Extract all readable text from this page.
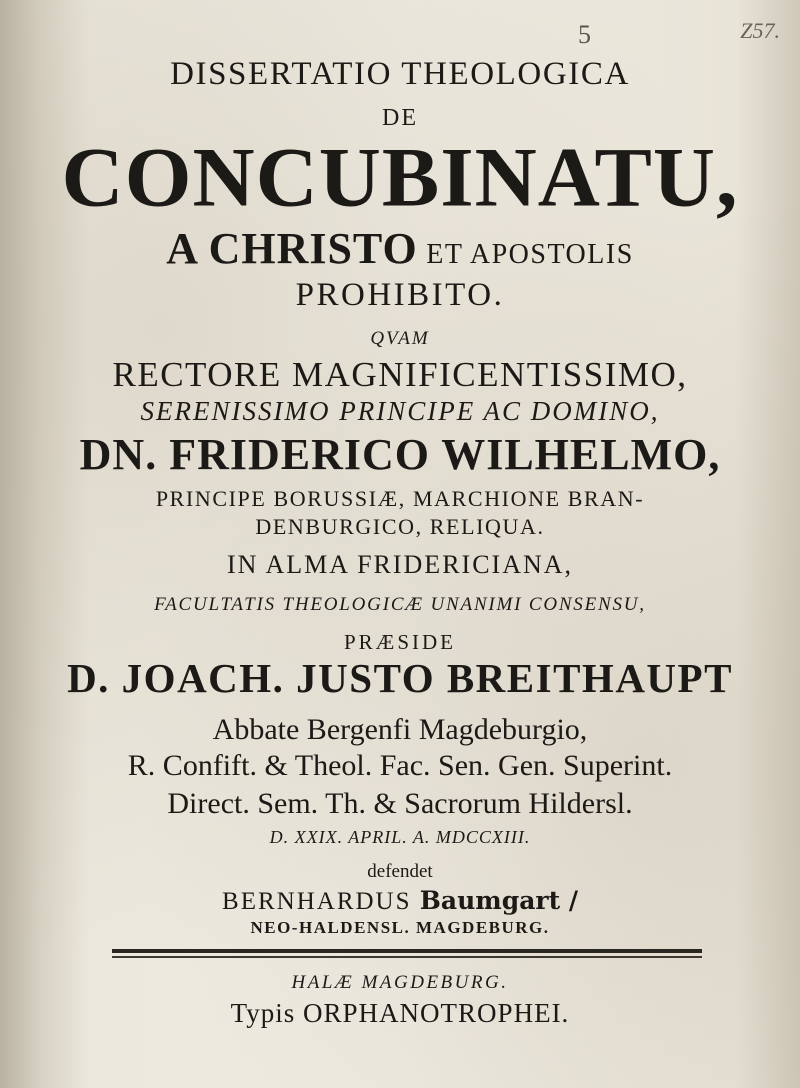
5	Z57.
DISSERTATIO THEOLOGICA
DE
CONCUBINATU,
A CHRISTO ET APOSTOLIS
PROHIBITO.
QVAM
RECTORE MAGNIFICENTISSIMO,
SERENISSIMO PRINCIPE AC DOMINO,
DN. FRIDERICO WILHELMO,
PRINCIPE BORUSSIÆ, MARCHIONE BRAN-
DENBURGICO, RELIQUA.
IN ALMA FRIDERICIANA,
FACULTATIS THEOLOGICÆ UNANIMI CONSENSU,
PRÆSIDE
D. JOACH. JUSTO BREITHAUPT
Abbate Bergenfi Magdeburgio,
R. Confift. & Theol. Fac. Sen. Gen. Superint.
Direct. Sem. Th. & Sacrorum Hildersl.
D. XXIX. APRIL. A. MDCCXIII.
defendet
BERNHARDUS Baumgart /
NEO-HALDENSL. MAGDEBURG.
HALÆ MAGDEBURG.
Typis ORPHANOTROPHEI.
